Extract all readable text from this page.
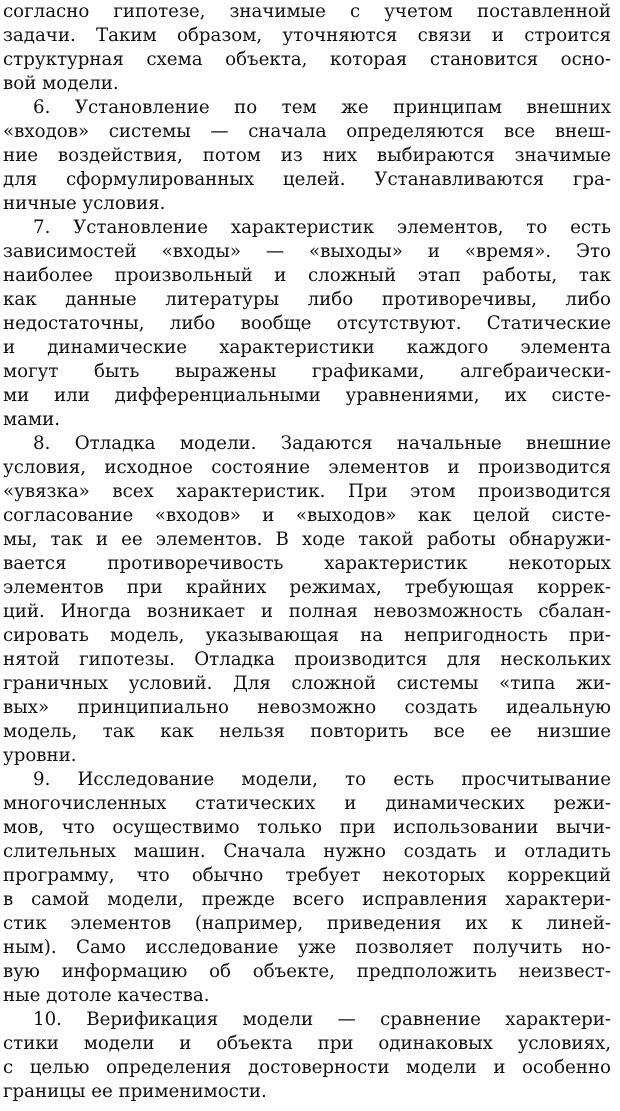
согласно гипотезе, значимые с учетом поставленной
задачи. Таким образом, уточняются связи и строится
структурная схема объекта, которая становится осно-
вой модели.
6. Установление по тем же принципам внешних
«входов» системы — сначала определяются все внеш-
ние воздействия, потом из них выбираются значимые
для сформулированных целей. Устанавливаются гра-
ничные условия.
7. Установление характеристик элементов, то есть
зависимостей «входы» — «выходы» и «время». Это
наиболее произвольный и сложный этап работы, так
как данные литературы либо противоречивы, либо
недостаточны, либо вообще отсутствуют. Статические
и динамические характеристики каждого элемента
могут быть выражены графиками, алгебраически-
ми или дифференциальными уравнениями, их систе-
мами.
8. Отладка модели. Задаются начальные внешние
условия, исходное состояние элементов и производится
«увязка» всех характеристик. При этом производится
согласование «входов» и «выходов» как целой систе-
мы, так и ее элементов. В ходе такой работы обнаружи-
вается противоречивость характеристик некоторых
элементов при крайних режимах, требующая коррек-
ций. Иногда возникает и полная невозможность сбалан-
сировать модель, указывающая на непригодность при-
нятой гипотезы. Отладка производится для нескольких
граничных условий. Для сложной системы «типа жи-
вых» принципиально невозможно создать идеальную
модель, так как нельзя повторить все ее низшие
уровни.
9. Исследование модели, то есть просчитывание
многочисленных статических и динамических режи-
мов, что осуществимо только при использовании вычи-
слительных машин. Сначала нужно создать и отладить
программу, что обычно требует некоторых коррекций
в самой модели, прежде всего исправления характери-
стик элементов (например, приведения их к линей-
ным). Само исследование уже позволяет получить но-
вую информацию об объекте, предположить неизвест-
ные дотоле качества.
10. Верификация модели — сравнение характери-
стики модели и объекта при одинаковых условиях,
с целью определения достоверности модели и особенно
границы ее применимости.
